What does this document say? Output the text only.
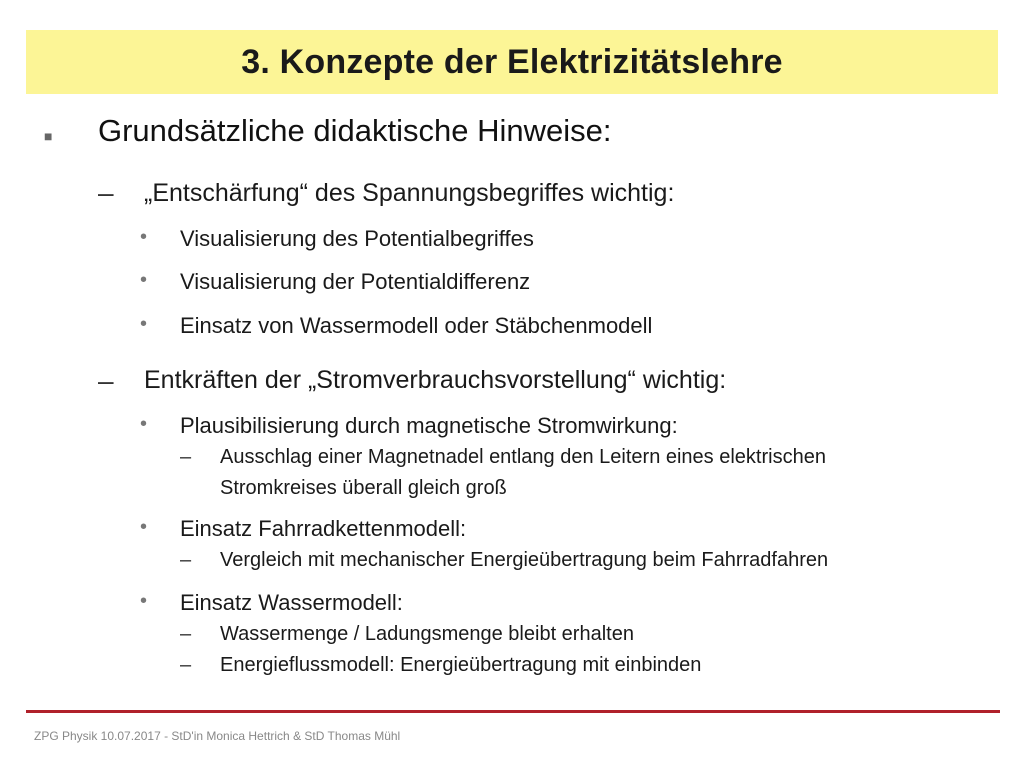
3. Konzepte der Elektrizitätslehre
■ Grundsätzliche didaktische Hinweise:
– „Entschärfung“ des Spannungsbegriffes wichtig:
• Visualisierung des Potentialbegriffes
• Visualisierung der Potentialdifferenz
• Einsatz von Wassermodell oder Stäbchenmodell
– Entkräften der „Stromverbrauchsvorstellung“ wichtig:
• Plausibilisierung durch magnetische Stromwirkung:
– Ausschlag einer Magnetnadel entlang den Leitern eines elektrischen
Stromkreises überall gleich groß
• Einsatz Fahrradkettenmodell:
– Vergleich mit mechanischer Energieübertragung beim Fahrradfahren
• Einsatz Wassermodell:
– Wassermenge / Ladungsmenge bleibt erhalten
– Energieflussmodell: Energieübertragung mit einbinden
ZPG Physik 10.07.2017 - StD'in Monica Hettrich & StD Thomas Mühl
